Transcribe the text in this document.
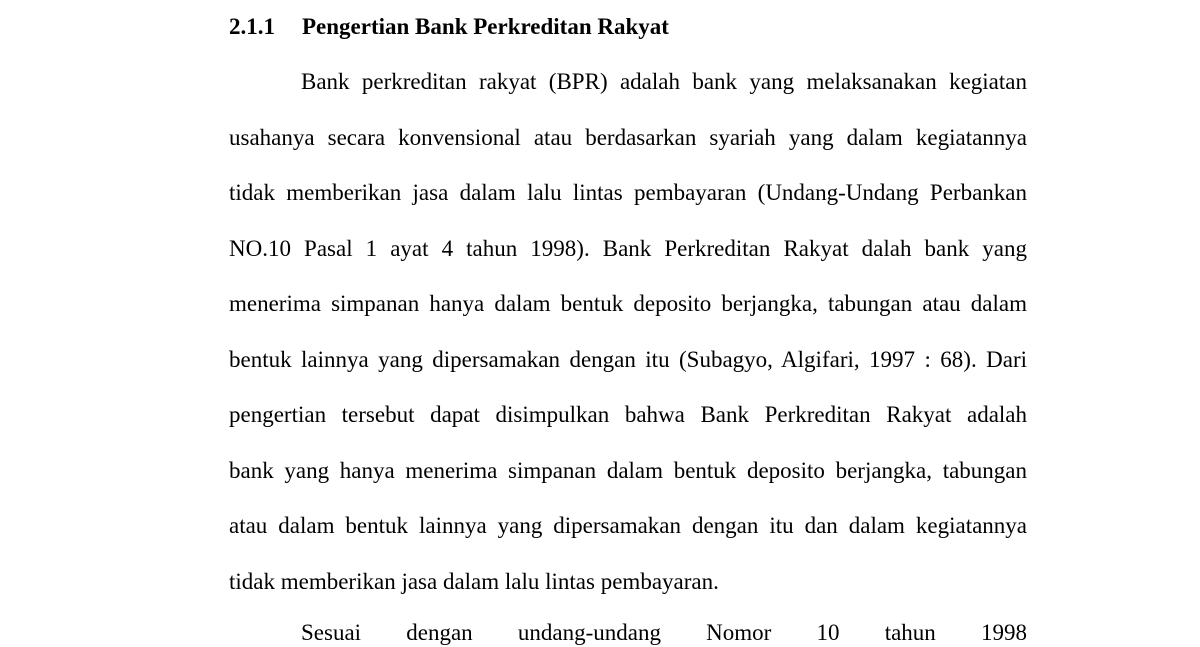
2.1.1 Pengertian Bank Perkreditan Rakyat
Bank perkreditan rakyat (BPR) adalah bank yang melaksanakan kegiatan
usahanya secara konvensional atau berdasarkan syariah yang dalam kegiatannya
tidak memberikan jasa dalam lalu lintas pembayaran (Undang-Undang Perbankan
NO.10 Pasal 1 ayat 4 tahun 1998). Bank Perkreditan Rakyat dalah bank yang
menerima simpanan hanya dalam bentuk deposito berjangka, tabungan atau dalam
bentuk lainnya yang dipersamakan dengan itu (Subagyo, Algifari, 1997 : 68). Dari
pengertian tersebut dapat disimpulkan bahwa Bank Perkreditan Rakyat adalah
bank yang hanya menerima simpanan dalam bentuk deposito berjangka, tabungan
atau dalam bentuk lainnya yang dipersamakan dengan itu dan dalam kegiatannya
tidak memberikan jasa dalam lalu lintas pembayaran.
Sesuai dengan undang-undang Nomor 10 tahun 1998
